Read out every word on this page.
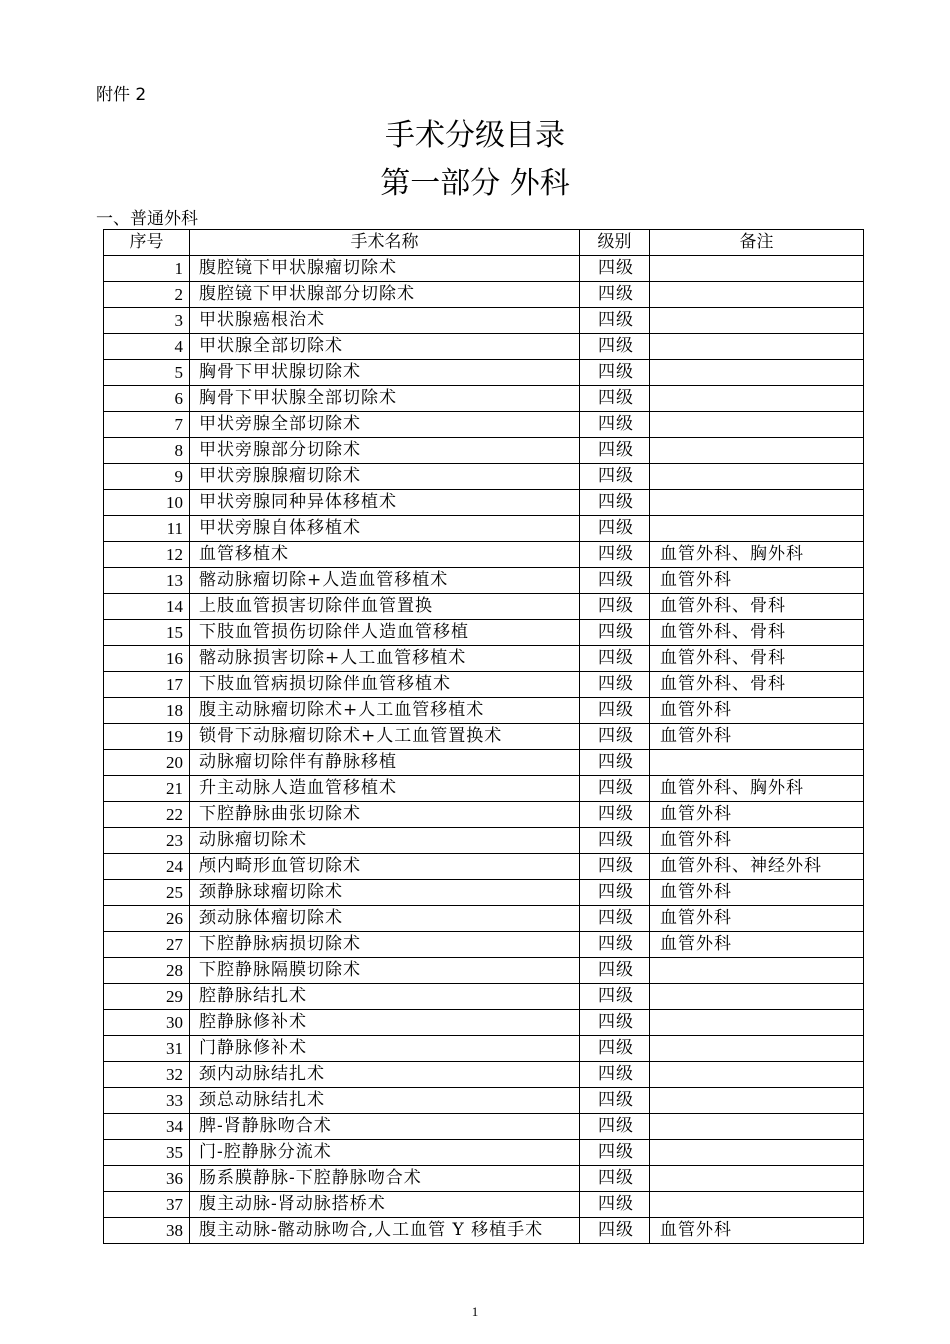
附件 2
手术分级目录
第一部分 外科
一、普通外科
序号	手术名称	级别	备注
1	腹腔镜下甲状腺瘤切除术	四级	
2	腹腔镜下甲状腺部分切除术	四级	
3	甲状腺癌根治术	四级	
4	甲状腺全部切除术	四级	
5	胸骨下甲状腺切除术	四级	
6	胸骨下甲状腺全部切除术	四级	
7	甲状旁腺全部切除术	四级	
8	甲状旁腺部分切除术	四级	
9	甲状旁腺腺瘤切除术	四级	
10	甲状旁腺同种异体移植术	四级	
11	甲状旁腺自体移植术	四级	
12	血管移植术	四级	血管外科、胸外科
13	髂动脉瘤切除+人造血管移植术	四级	血管外科
14	上肢血管损害切除伴血管置换	四级	血管外科、骨科
15	下肢血管损伤切除伴人造血管移植	四级	血管外科、骨科
16	髂动脉损害切除+人工血管移植术	四级	血管外科、骨科
17	下肢血管病损切除伴血管移植术	四级	血管外科、骨科
18	腹主动脉瘤切除术+人工血管移植术	四级	血管外科
19	锁骨下动脉瘤切除术+人工血管置换术	四级	血管外科
20	动脉瘤切除伴有静脉移植	四级	
21	升主动脉人造血管移植术	四级	血管外科、胸外科
22	下腔静脉曲张切除术	四级	血管外科
23	动脉瘤切除术	四级	血管外科
24	颅内畸形血管切除术	四级	血管外科、神经外科
25	颈静脉球瘤切除术	四级	血管外科
26	颈动脉体瘤切除术	四级	血管外科
27	下腔静脉病损切除术	四级	血管外科
28	下腔静脉隔膜切除术	四级	
29	腔静脉结扎术	四级	
30	腔静脉修补术	四级	
31	门静脉修补术	四级	
32	颈内动脉结扎术	四级	
33	颈总动脉结扎术	四级	
34	脾-肾静脉吻合术	四级	
35	门-腔静脉分流术	四级	
36	肠系膜静脉-下腔静脉吻合术	四级	
37	腹主动脉-肾动脉搭桥术	四级	
38	腹主动脉-髂动脉吻合,人工血管 Y 移植手术	四级	血管外科
1
